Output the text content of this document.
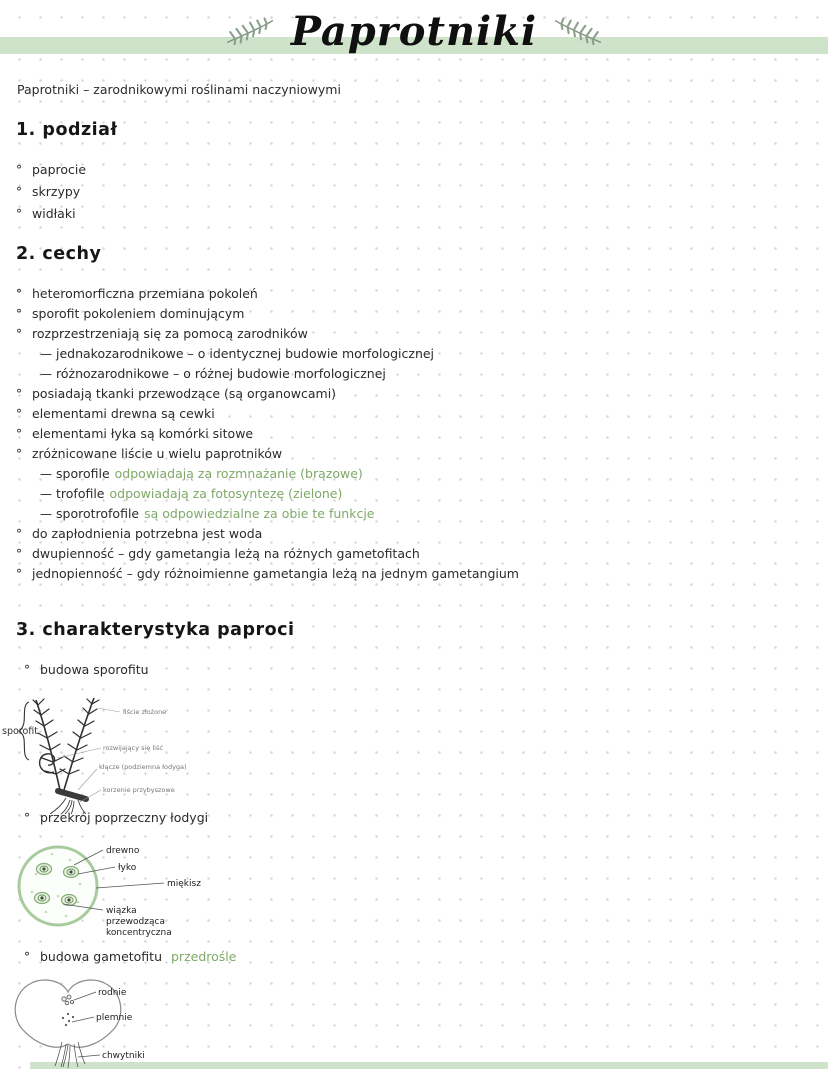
Paprotniki

Paprotniki – zarodnikowymi roślinami naczyniowymi

1. podział
° paprocie
° skrzypy
° widłaki
2. cechy
° heteromorficzna przemiana pokoleń
° sporofit pokoleniem dominującym
° rozprzestrzeniają się za pomocą zarodników
— jednakozarodnikowe – o identycznej budowie morfologicznej
— różnozarodnikowe – o różnej budowie morfologicznej
° posiadają tkanki przewodzące (są organowcami)
° elementami drewna są cewki
° elementami łyka są komórki sitowe
° zróżnicowane liście u wielu paprotników
— sporofile odpowiadają za rozmnażanie (brązowe)
— trofofile odpowiadają za fotosyntezę (zielone)
— sporotrofofile są odpowiedzialne za obie te funkcje
° do zapłodnienia potrzebna jest woda
° dwupienność – gdy gametangia leżą na różnych gametofitach
° jednopienność – gdy różnoimienne gametangia leżą na jednym gametangium
3. charakterystyka paproci
° budowa sporofitu
sporofit
liście złożone
rozwijający się liść
kłącze (podziemna łodyga)
korzenie przybyszowe
° przekrój poprzeczny łodygi
drewno
łyko
miękisz
wiązka
przewodząca
koncentryczna
° budowa gametofitu przedrośle
rodnie
plemnie
chwytniki
